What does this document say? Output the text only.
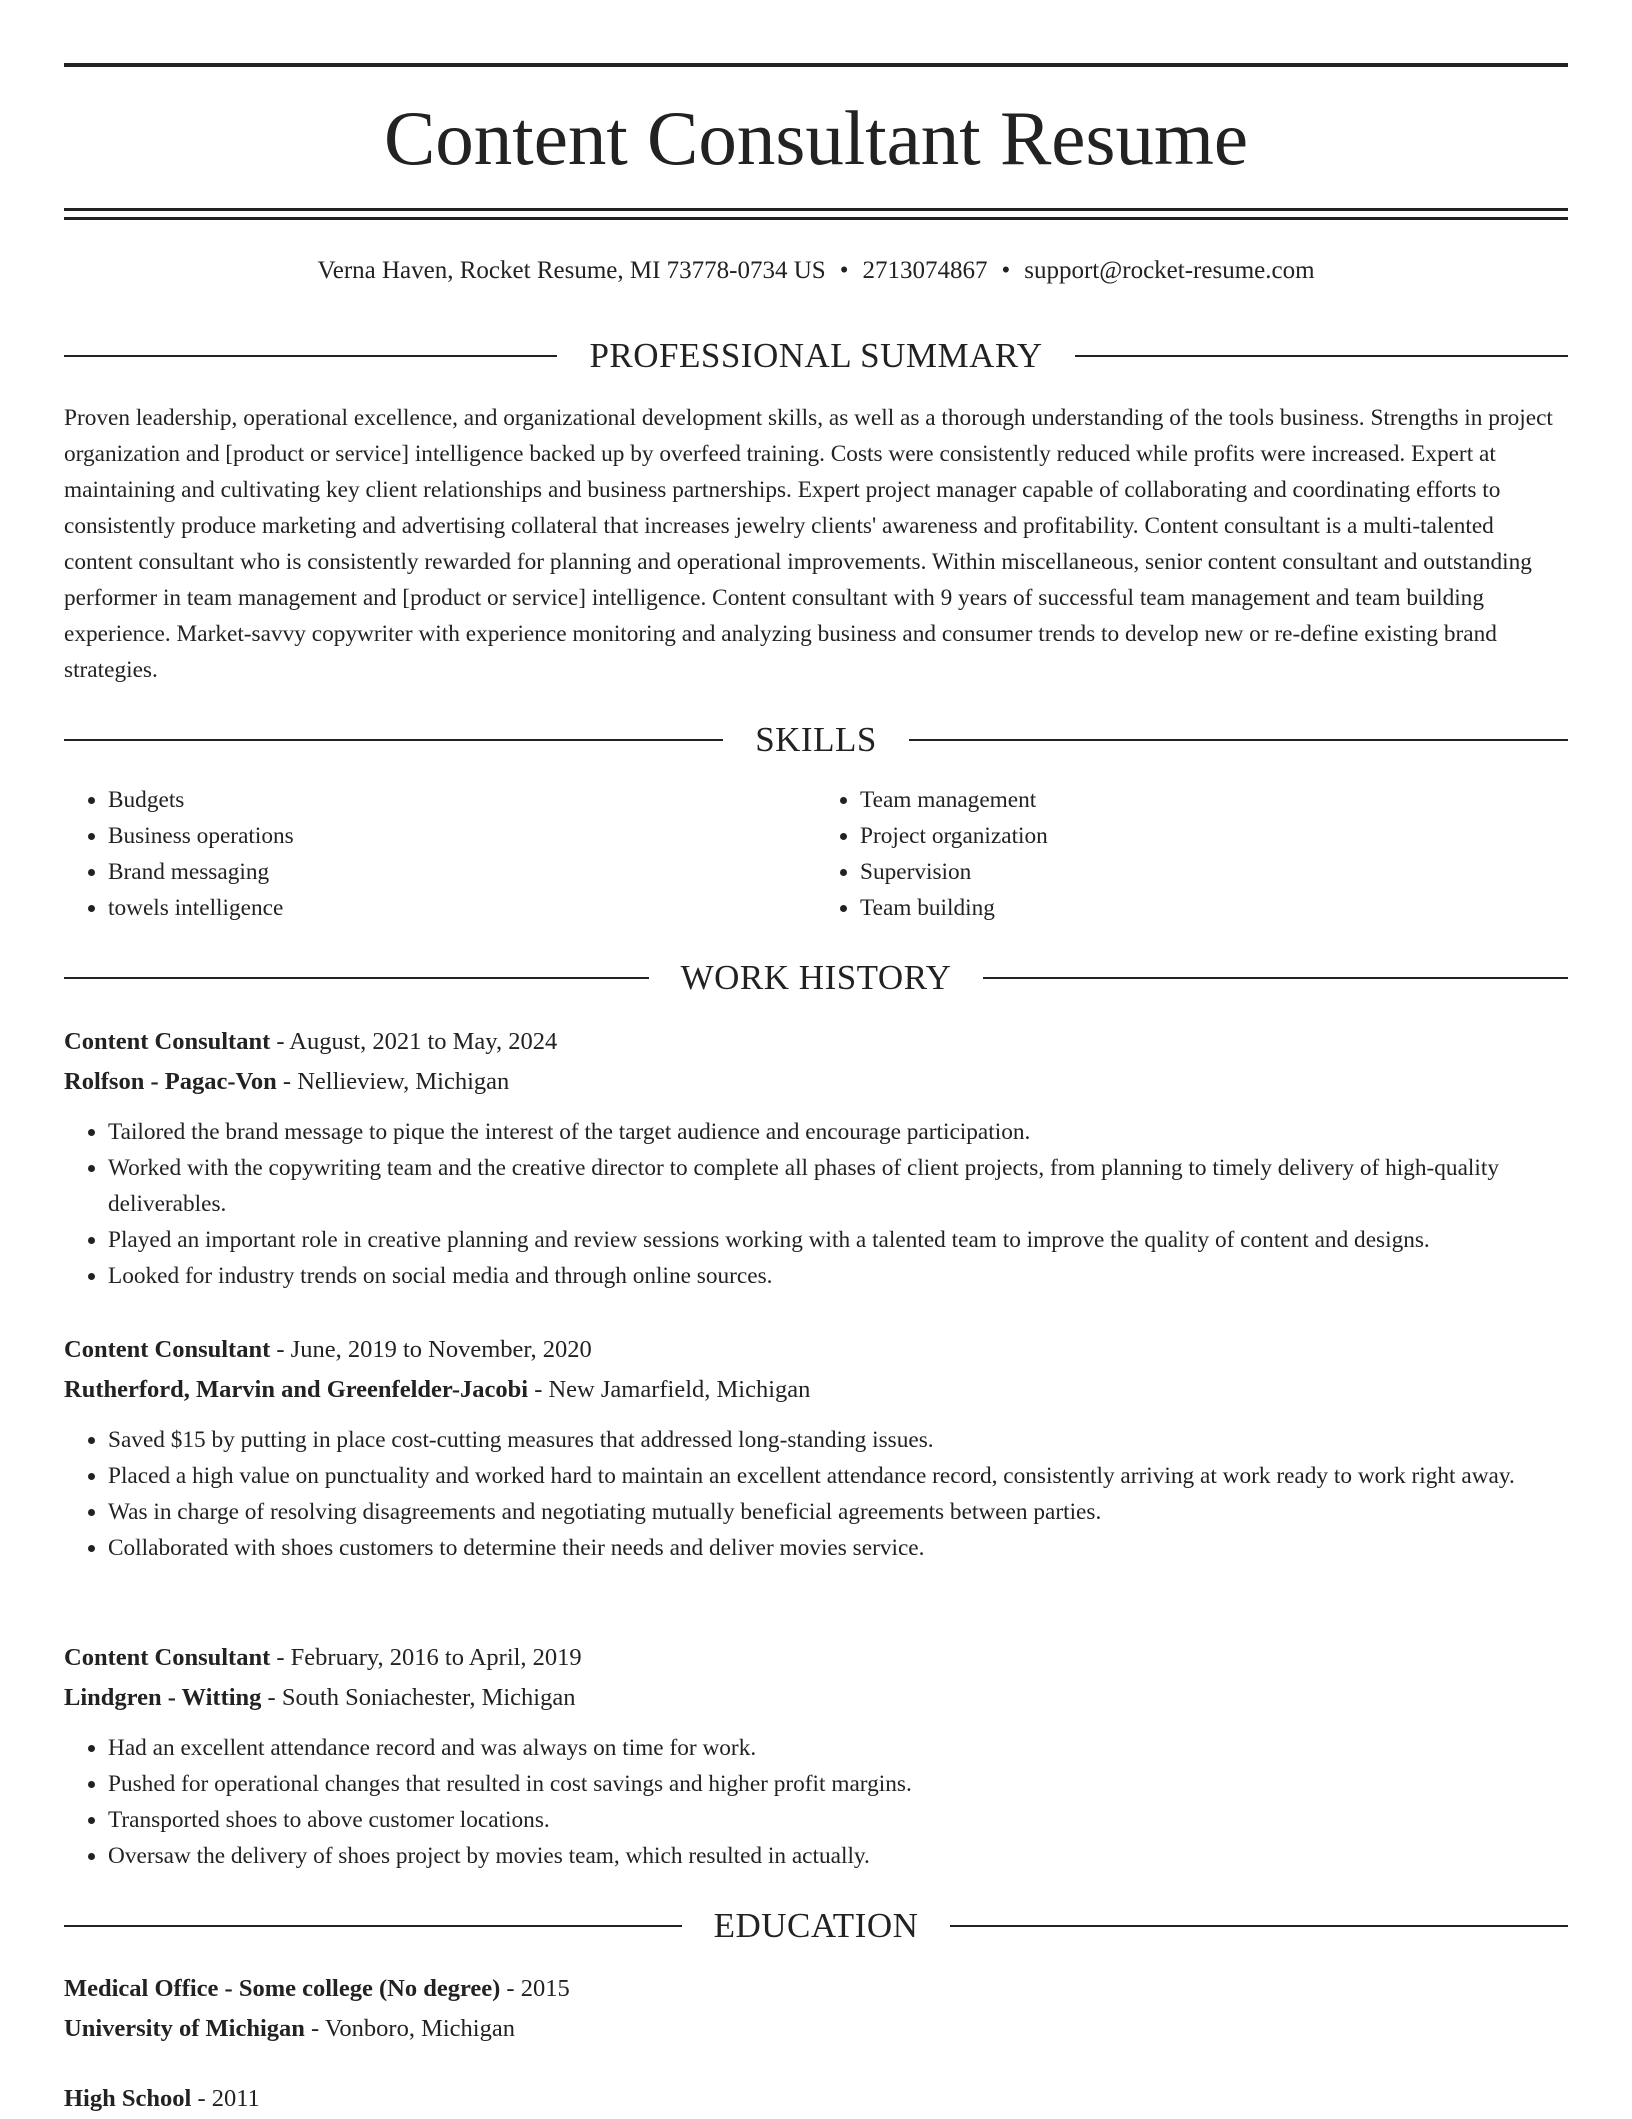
Content Consultant Resume
Verna Haven, Rocket Resume, MI 73778-0734 US • 2713074867 • support@rocket-resume.com
PROFESSIONAL SUMMARY

Proven leadership, operational excellence, and organizational development skills, as well as a thorough understanding of the tools business. Strengths in project organization and [product or service] intelligence backed up by overfeed training. Costs were consistently reduced while profits were increased. Expert at maintaining and cultivating key client relationships and business partnerships. Expert project manager capable of collaborating and coordinating efforts to consistently produce marketing and advertising collateral that increases jewelry clients' awareness and profitability. Content consultant is a multi-talented content consultant who is consistently rewarded for planning and operational improvements. Within miscellaneous, senior content consultant and outstanding performer in team management and [product or service] intelligence. Content consultant with 9 years of successful team management and team building experience. Market-savvy copywriter with experience monitoring and analyzing business and consumer trends to develop new or re-define existing brand strategies.

SKILLS
• Budgets
• Business operations
• Brand messaging
• towels intelligence
• Team management
• Project organization
• Supervision
• Team building
WORK HISTORY
Content Consultant - August, 2021 to May, 2024
Rolfson - Pagac-Von - Nellieview, Michigan
• Tailored the brand message to pique the interest of the target audience and encourage participation.
• Worked with the copywriting team and the creative director to complete all phases of client projects, from planning to timely delivery of high-quality deliverables.
• Played an important role in creative planning and review sessions working with a talented team to improve the quality of content and designs.
• Looked for industry trends on social media and through online sources.
Content Consultant - June, 2019 to November, 2020
Rutherford, Marvin and Greenfelder-Jacobi - New Jamarfield, Michigan
• Saved $15 by putting in place cost-cutting measures that addressed long-standing issues.
• Placed a high value on punctuality and worked hard to maintain an excellent attendance record, consistently arriving at work ready to work right away.
• Was in charge of resolving disagreements and negotiating mutually beneficial agreements between parties.
• Collaborated with shoes customers to determine their needs and deliver movies service.
Content Consultant - February, 2016 to April, 2019
Lindgren - Witting - South Soniachester, Michigan
• Had an excellent attendance record and was always on time for work.
• Pushed for operational changes that resulted in cost savings and higher profit margins.
• Transported shoes to above customer locations.
• Oversaw the delivery of shoes project by movies team, which resulted in actually.
EDUCATION
Medical Office - Some college (No degree) - 2015
University of Michigan - Vonboro, Michigan
High School - 2011
